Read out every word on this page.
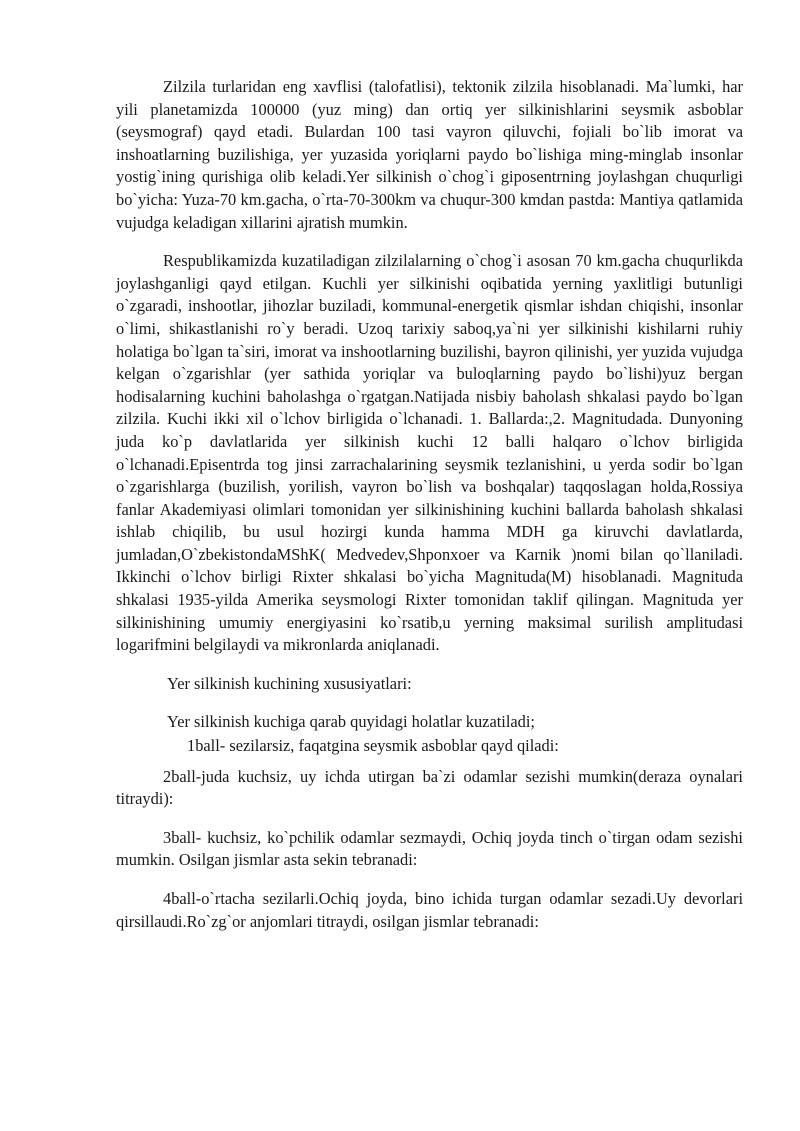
Zilzila turlaridan eng xavflisi (talofatlisi), tektonik zilzila hisoblanadi. Ma`lumki, har yili planetamizda 100000 (yuz ming) dan ortiq yer silkinishlarini seysmik asboblar (seysmograf) qayd etadi. Bulardan 100 tasi vayron qiluvchi, fojiali bo`lib imorat va inshoatlarning buzilishiga, yer yuzasida yoriqlarni paydo bo`lishiga ming-minglab insonlar yostig`ining qurishiga olib keladi.Yer silkinish o`chog`i giposentrning joylashgan chuqurligi bo`yicha: Yuza-70 km.gacha, o`rta-70-300km va chuqur-300 kmdan pastda: Mantiya qatlamida vujudga keladigan xillarini ajratish mumkin.

Respublikamizda kuzatiladigan zilzilalarning o`chog`i asosan 70 km.gacha chuqurlikda joylashganligi qayd etilgan. Kuchli yer silkinishi oqibatida yerning yaxlitligi butunligi o`zgaradi, inshootlar, jihozlar buziladi, kommunal-energetik qismlar ishdan chiqishi, insonlar o`limi, shikastlanishi ro`y beradi. Uzoq tarixiy saboq,ya`ni yer silkinishi kishilarni ruhiy holatiga bo`lgan ta`siri, imorat va inshootlarning buzilishi, bayron qilinishi, yer yuzida vujudga kelgan o`zgarishlar (yer sathida yoriqlar va buloqlarning paydo bo`lishi)yuz bergan hodisalarning kuchini baholashga o`rgatgan.Natijada nisbiy baholash shkalasi paydo bo`lgan zilzila. Kuchi ikki xil o`lchov birligida o`lchanadi. 1. Ballarda:,2. Magnitudada. Dunyoning juda ko`p davlatlarida yer silkinish kuchi 12 balli halqaro o`lchov birligida o`lchanadi.Episentrda tog jinsi zarrachalarining seysmik tezlanishini, u yerda sodir bo`lgan o`zgarishlarga (buzilish, yorilish, vayron bo`lish va boshqalar) taqqoslagan holda,Rossiya fanlar Akademiyasi olimlari tomonidan yer silkinishining kuchini ballarda baholash shkalasi ishlab chiqilib, bu usul hozirgi kunda hamma MDH ga kiruvchi davlatlarda, jumladan,O`zbekistondaMShK( Medvedev,Shponxoer va Karnik )nomi bilan qo`llaniladi. Ikkinchi o`lchov birligi Rixter shkalasi bo`yicha Magnituda(M) hisoblanadi. Magnituda shkalasi 1935-yilda Amerika seysmologi Rixter tomonidan taklif qilingan. Magnituda yer silkinishining umumiy energiyasini ko`rsatib,u yerning maksimal surilish amplitudasi logarifmini belgilaydi va mikronlarda aniqlanadi.

Yer silkinish kuchining xususiyatlari:

Yer silkinish kuchiga qarab quyidagi holatlar kuzatiladi;

1ball- sezilarsiz, faqatgina seysmik asboblar qayd qiladi:

2ball-juda kuchsiz, uy ichda utirgan ba`zi odamlar sezishi mumkin(deraza oynalari titraydi):

3ball- kuchsiz, ko`pchilik odamlar sezmaydi, Ochiq joyda tinch o`tirgan odam sezishi mumkin. Osilgan jismlar asta sekin tebranadi:

4ball-o`rtacha sezilarli.Ochiq joyda, bino ichida turgan odamlar sezadi.Uy devorlari qirsillaudi.Ro`zg`or anjomlari titraydi, osilgan jismlar tebranadi:
